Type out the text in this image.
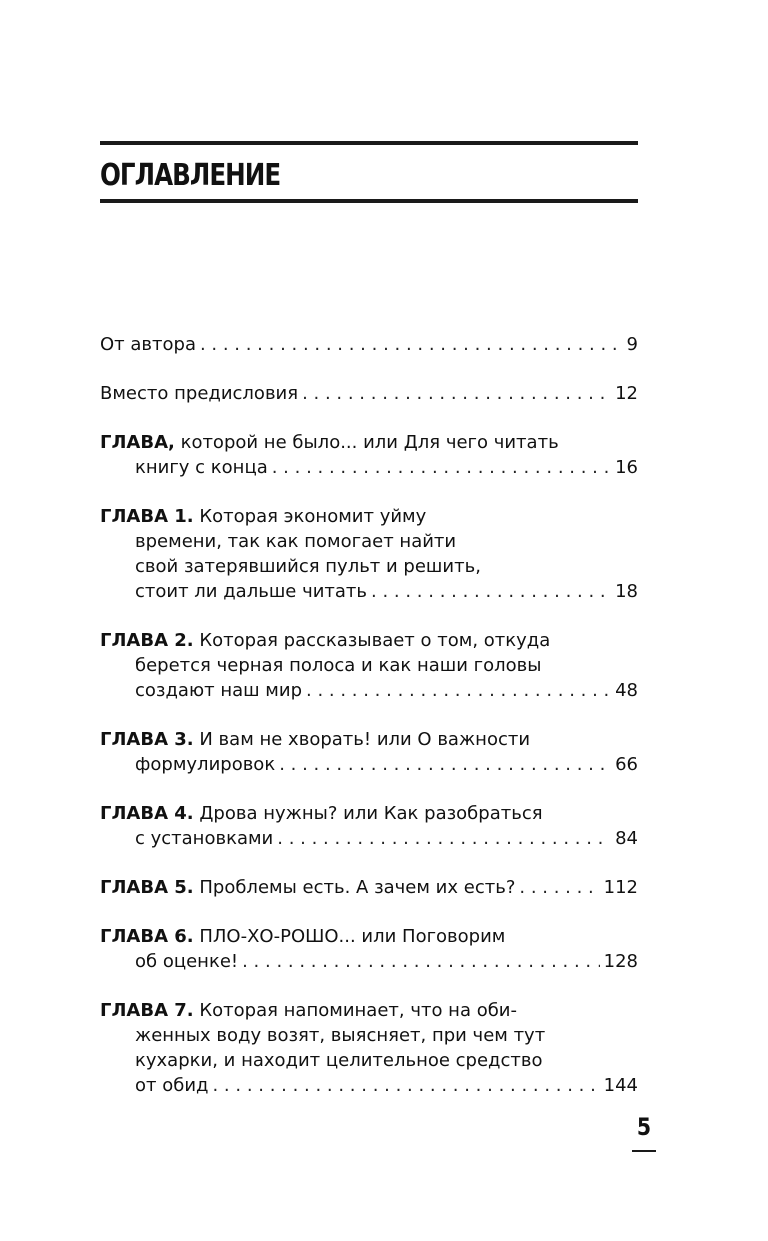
ОГЛАВЛЕНИЕ
От автора . . .	9
Вместо предисловия . . .	12
ГЛАВА, которой не было... или Для чего читать
книгу с конца . . .	16
ГЛАВА 1. Которая экономит уйму
времени, так как помогает найти
свой затерявшийся пульт и решить,
стоит ли дальше читать . . .	18
ГЛАВА 2. Которая рассказывает о том, откуда
берется черная полоса и как наши головы
создают наш мир . . .	48
ГЛАВА 3. И вам не хворать! или О важности
формулировок . . .	66
ГЛАВА 4. Дрова нужны? или Как разобраться
с установками . . .	84
ГЛАВА 5. Проблемы есть. А зачем их есть? . . .	112
ГЛАВА 6. ПЛО-ХО-РОШО... или Поговорим
об оценке! . . .	128
ГЛАВА 7. Которая напоминает, что на оби-
женных воду возят, выясняет, при чем тут
кухарки, и находит целительное средство
от обид . . .	144
5
